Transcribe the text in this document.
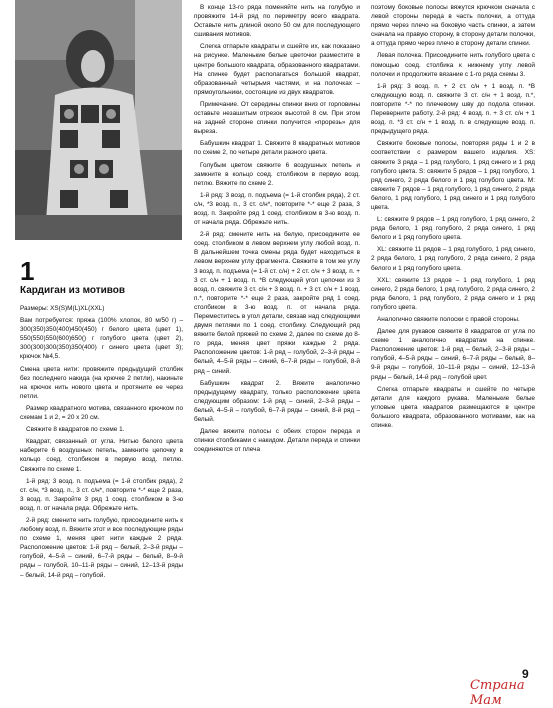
1
Кардиган из мотивов

Размеры: XS(S)M(L)XL(XXL)

Вам потребуется: пряжа (100% хлопок, 80 м/50 г) – 300(350)350(400)450(450) г белого цвета (цвет 1), 550(550)550(600)650() г голубого цвета (цвет 2), 300(300)300(350)350(400) г синего цвета (цвет 3); крючок №4,5.

Смена цвета нити: провяжите предыдущий столбик без последнего накида (на крючке 2 петли), накиньте на крючок нить нового цвета и протяните ее через петли.

Размер квадратного мотива, связанного крючком по схемам 1 и 2, = 20 х 20 см.

Свяжите 8 квадратов по схеме 1.

Квадрат, связанный от угла. Нитью белого цвета наберите 6 воздушных петель, замкните цепочку в кольцо соед. столбиком в первую возд. петлю. Свяжите по схеме 1.

1-й ряд: 3 возд. п. подъема (= 1-й столбик ряда), 2 ст. с/н, *3 возд. п., 3 ст. с/н*, повторите *-* еще 2 раза, 3 возд. п. Закройте 3 ряд 1 соед. столбиком в 3-ю возд. п. от начала ряда. Обрежьте нить.

2-й ряд: смените нить голубую, присоедините нить к любому возд. п. Вяжите этот и все последующие ряды по схеме 1, меняя цвет нити каждые 2 ряда. Расположение цветов: 1-й ряд – белый, 2–3-й ряды – голубой, 4–5-й – синий, 6–7-й ряды – белый, 8–9-й ряды – голубой, 10–11-й ряды – синий, 12–13-й ряды – белый, 14-й ряд – голубой.

В конце 13-го ряда поменяйте нить на голубую и провяжите 14-й ряд по периметру всего квадрата. Оставьте нить длиной около 50 см для последующего сшивания мотивов.

Слегка отпарьте квадраты и сшейте их, как показано на рисунке. Маленькие белые цветочки разместите в центре большого квадрата, образованного квадратами. На спинке будет располагаться большой квадрат, образованный четырьмя частями, и на полочках – прямоугольники, состоящие из двух квадратов.

Примечание. От середины спинки вниз от горловины оставьте незашитым отрезок высотой 8 см. При этом на задней стороне спинки получится «прорезь» для выреза.

Бабушкин квадрат 1. Свяжите 8 квадратных мотивов по схеме 2, по четыре детали разного цвета.

Голубым цветом свяжите 6 воздушных петель и замкните в кольцо соед. столбиком в первую возд. петлю. Вяжите по схеме 2.

1-й ряд: 3 возд. п. подъема (= 1-й столбик ряда), 2 ст. с/н, *3 возд. п., 3 ст. с/н*, повторите *-* еще 2 раза, 3 возд. п. Закройте ряд 1 соед. столбиком в 3-ю возд. п. от начала ряда. Обрежьте нить.

2-й ряд: смените нить на белую, присоедините ее соед. столбиком в левом верхнем углу любой возд. п. В дальнейшем точка смены ряда будет находиться в левом верхнем углу фрагмента. Свяжите в том же углу 3 возд. п. подъема (= 1-й ст. с/н) + 2 ст. с/н + 3 возд. п. + 3 ст. с/н + 1 возд. п. *В следующей угол цепочки из 3 возд. п. свяжите 3 ст. с/н + 3 возд. п. + 3 ст. с/н + 1 возд. п.*, повторите *-* еще 2 раза, закройте ряд 1 соед. столбиком в 3-ю возд. п. от начала ряда. Переместитесь в угол детали, связав над следующими двумя петлями по 1 соед. столбику. Следующий ряд вяжите белой пряжей по схеме 2, далее по схеме до 8-го ряда, меняя цвет пряжи каждые 2 ряда. Расположение цветов: 1-й ряд – голубой, 2–3-й ряды – белый, 4–5-й ряды – синий, 6–7-й ряды – голубой, 8-й ряд – синий.

Бабушкин квадрат 2. Вяжите аналогично предыдущему квадрату, только расположение цвета следующим образом: 1-й ряд – синий, 2–3-й ряды – белый, 4–5-й – голубой, 6–7-й ряды – синий, 8-й ряд – белый.

Далее вяжите полосы с обеих сторон переда и спинки столбиками с накидом. Детали переда и спинки соединяются от плеча

поэтому боковые полосы вяжутся крючком сначала с левой стороны переда в часть полочки, а оттуда прямо через плечо на боковую часть спинки, а затем сначала на правую сторону, в сторону детали полочки, а оттуда прямо через плечо в сторону детали спинки.

Левая полочка. Присоедините нить голубого цвета с помощью соед. столбика к нижнему углу левой полочки и продолжите вязание с 1-го ряда схемы 3.

1-й ряд: 3 возд. п. + 2 ст. с/н + 1 возд. п. *В следующую возд. п. свяжите 3 ст. с/н + 1 возд. п.*, повторите *-* по плечевому шву до подола спинки. Переверните работу. 2-й ряд: 4 возд. п. + 3 ст. с/н + 1 возд. п. *3 ст. с/н + 1 возд. п. в следующие возд. п. предыдущего ряда.

Свяжите боковые полосы, повторяя ряды 1 и 2 в соответствии с размером вашего изделия. XS: свяжите 3 ряда – 1 ряд голубого, 1 ряд синего и 1 ряд голубого цвета. S: свяжите 5 рядов – 1 ряд голубого, 1 ряд синего, 2 ряда белого и 1 ряд голубого цвета. M: свяжите 7 рядов – 1 ряд голубого, 1 ряд синего, 2 ряда белого, 1 ряд голубого, 1 ряд синего и 1 ряд голубого цвета.

L: свяжите 9 рядов – 1 ряд голубого, 1 ряд синего, 2 ряда белого, 1 ряд голубого, 2 ряда синего, 1 ряд белого и 1 ряд голубого цвета.

XL: свяжите 11 рядов – 1 ряд голубого, 1 ряд синего, 2 ряда белого, 1 ряд голубого, 2 ряда синего, 2 ряда белого и 1 ряд голубого цвета.

XXL: свяжите 13 рядов – 1 ряд голубого, 1 ряд синего, 2 ряда белого, 1 ряд голубого, 2 ряда синего, 2 ряда белого, 1 ряд голубого, 2 ряда синего и 1 ряд голубого цвета.

Аналогично свяжите полоски с правой стороны.

Далее для рукавов свяжите 8 квадратов от угла по схеме 1 аналогично квадратам на спинке. Расположение цветов: 1-й ряд – белый, 2–3-й ряды – голубой, 4–5-й ряды – синий, 6–7-й ряды – белый, 8–9-й ряды – голубой, 10–11-й ряды – синий, 12–13-й ряды – белый, 14-й ряд – голубой цвет.

Слегка отпарьте квадраты и сшейте по четыре детали для каждого рукава. Маленькие белые угловые цвета квадратов размещаются в центре большого квадрата, образованного мотивами, как на спинке.

9
Страна Мам
